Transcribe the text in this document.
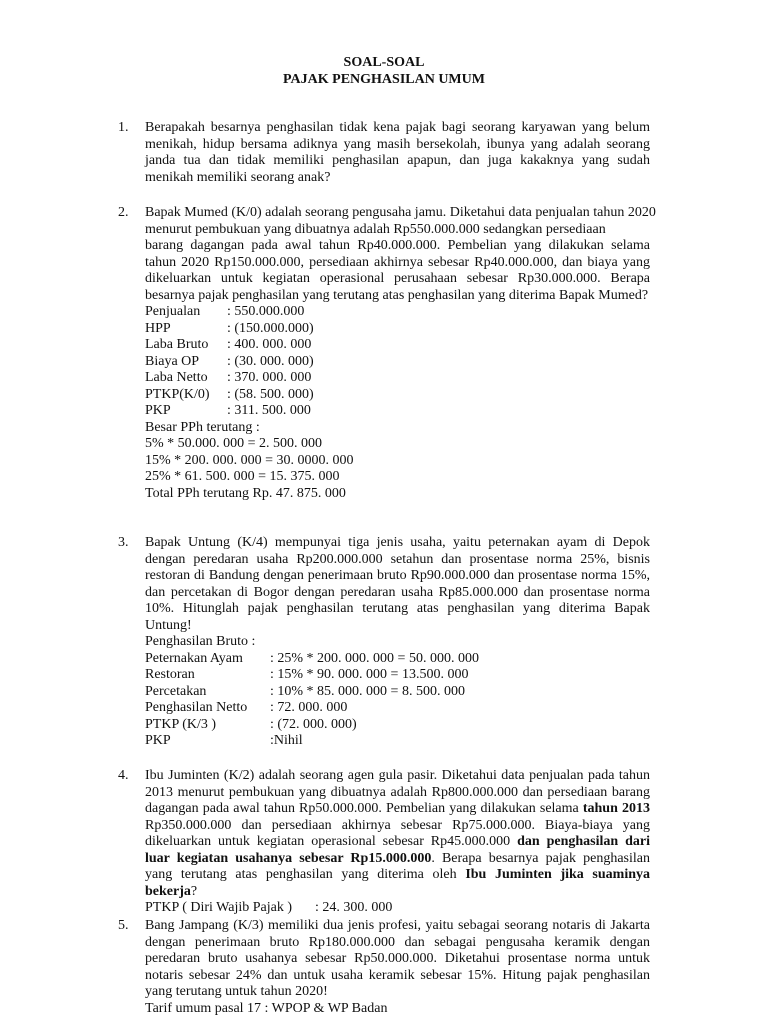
SOAL-SOAL
PAJAK PENGHASILAN UMUM
1. Berapakah besarnya penghasilan tidak kena pajak bagi seorang karyawan yang belum menikah, hidup bersama adiknya yang masih bersekolah, ibunya yang adalah seorang janda tua dan tidak memiliki penghasilan apapun, dan juga kakaknya yang sudah menikah memiliki seorang anak?

2. Bapak Mumed (K/0) adalah seorang pengusaha jamu. Diketahui data penjualan tahun 2020

menurut pembukuan yang dibuatnya adalah Rp550.000.000 sedangkan persediaan

barang dagangan pada awal tahun Rp40.000.000. Pembelian yang dilakukan selama tahun 2020 Rp150.000.000, persediaan akhirnya sebesar Rp40.000.000, dan biaya yang dikeluarkan untuk kegiatan operasional perusahaan sebesar Rp30.000.000. Berapa besarnya pajak penghasilan yang terutang atas penghasilan yang diterima Bapak Mumed?

Penjualan	: 550.000.000
HPP	: (150.000.000)
Laba Bruto	: 400. 000. 000
Biaya OP	: (30. 000. 000)
Laba Netto	: 370. 000. 000
PTKP(K/0)	: (58. 500. 000)
PKP	: 311. 500. 000

Besar PPh terutang :

5% * 50.000. 000 = 2. 500. 000

15% * 200. 000. 000 = 30. 0000. 000

25% * 61. 500. 000 = 15. 375. 000

Total PPh terutang Rp. 47. 875. 000

3. Bapak Untung (K/4) mempunyai tiga jenis usaha, yaitu peternakan ayam di Depok dengan peredaran usaha Rp200.000.000 setahun dan prosentase norma 25%, bisnis restoran di Bandung dengan penerimaan bruto Rp90.000.000 dan prosentase norma 15%, dan percetakan di Bogor dengan peredaran usaha Rp85.000.000 dan prosentase norma 10%. Hitunglah pajak penghasilan terutang atas penghasilan yang diterima Bapak Untung!

Penghasilan Bruto :

Peternakan Ayam	: 25% * 200. 000. 000 = 50. 000. 000
Restoran	: 15% * 90. 000. 000 = 13.500. 000
Percetakan	: 10% * 85. 000. 000 = 8. 500. 000
Penghasilan Netto	: 72. 000. 000
PTKP (K/3 )	: (72. 000. 000)
PKP	:Nihil
4. Ibu Juminten (K/2) adalah seorang agen gula pasir. Diketahui data penjualan pada tahun 2013 menurut pembukuan yang dibuatnya adalah Rp800.000.000 dan persediaan barang dagangan pada awal tahun Rp50.000.000. Pembelian yang dilakukan selama tahun 2013 Rp350.000.000 dan persediaan akhirnya sebesar Rp75.000.000. Biaya-biaya yang dikeluarkan untuk kegiatan operasional sebesar Rp45.000.000 dan penghasilan dari luar kegiatan usahanya sebesar Rp15.000.000. Berapa besarnya pajak penghasilan yang terutang atas penghasilan yang diterima oleh Ibu Juminten jika suaminya bekerja?

PTKP ( Diri Wajib Pajak )	: 24. 300. 000
5. Bang Jampang (K/3) memiliki dua jenis profesi, yaitu sebagai seorang notaris di Jakarta dengan penerimaan bruto Rp180.000.000 dan sebagai pengusaha keramik dengan peredaran bruto usahanya sebesar Rp50.000.000. Diketahui prosentase norma untuk notaris sebesar 24% dan untuk usaha keramik sebesar 15%. Hitung pajak penghasilan yang terutang untuk tahun 2020!

Tarif umum pasal 17 : WPOP & WP Badan
